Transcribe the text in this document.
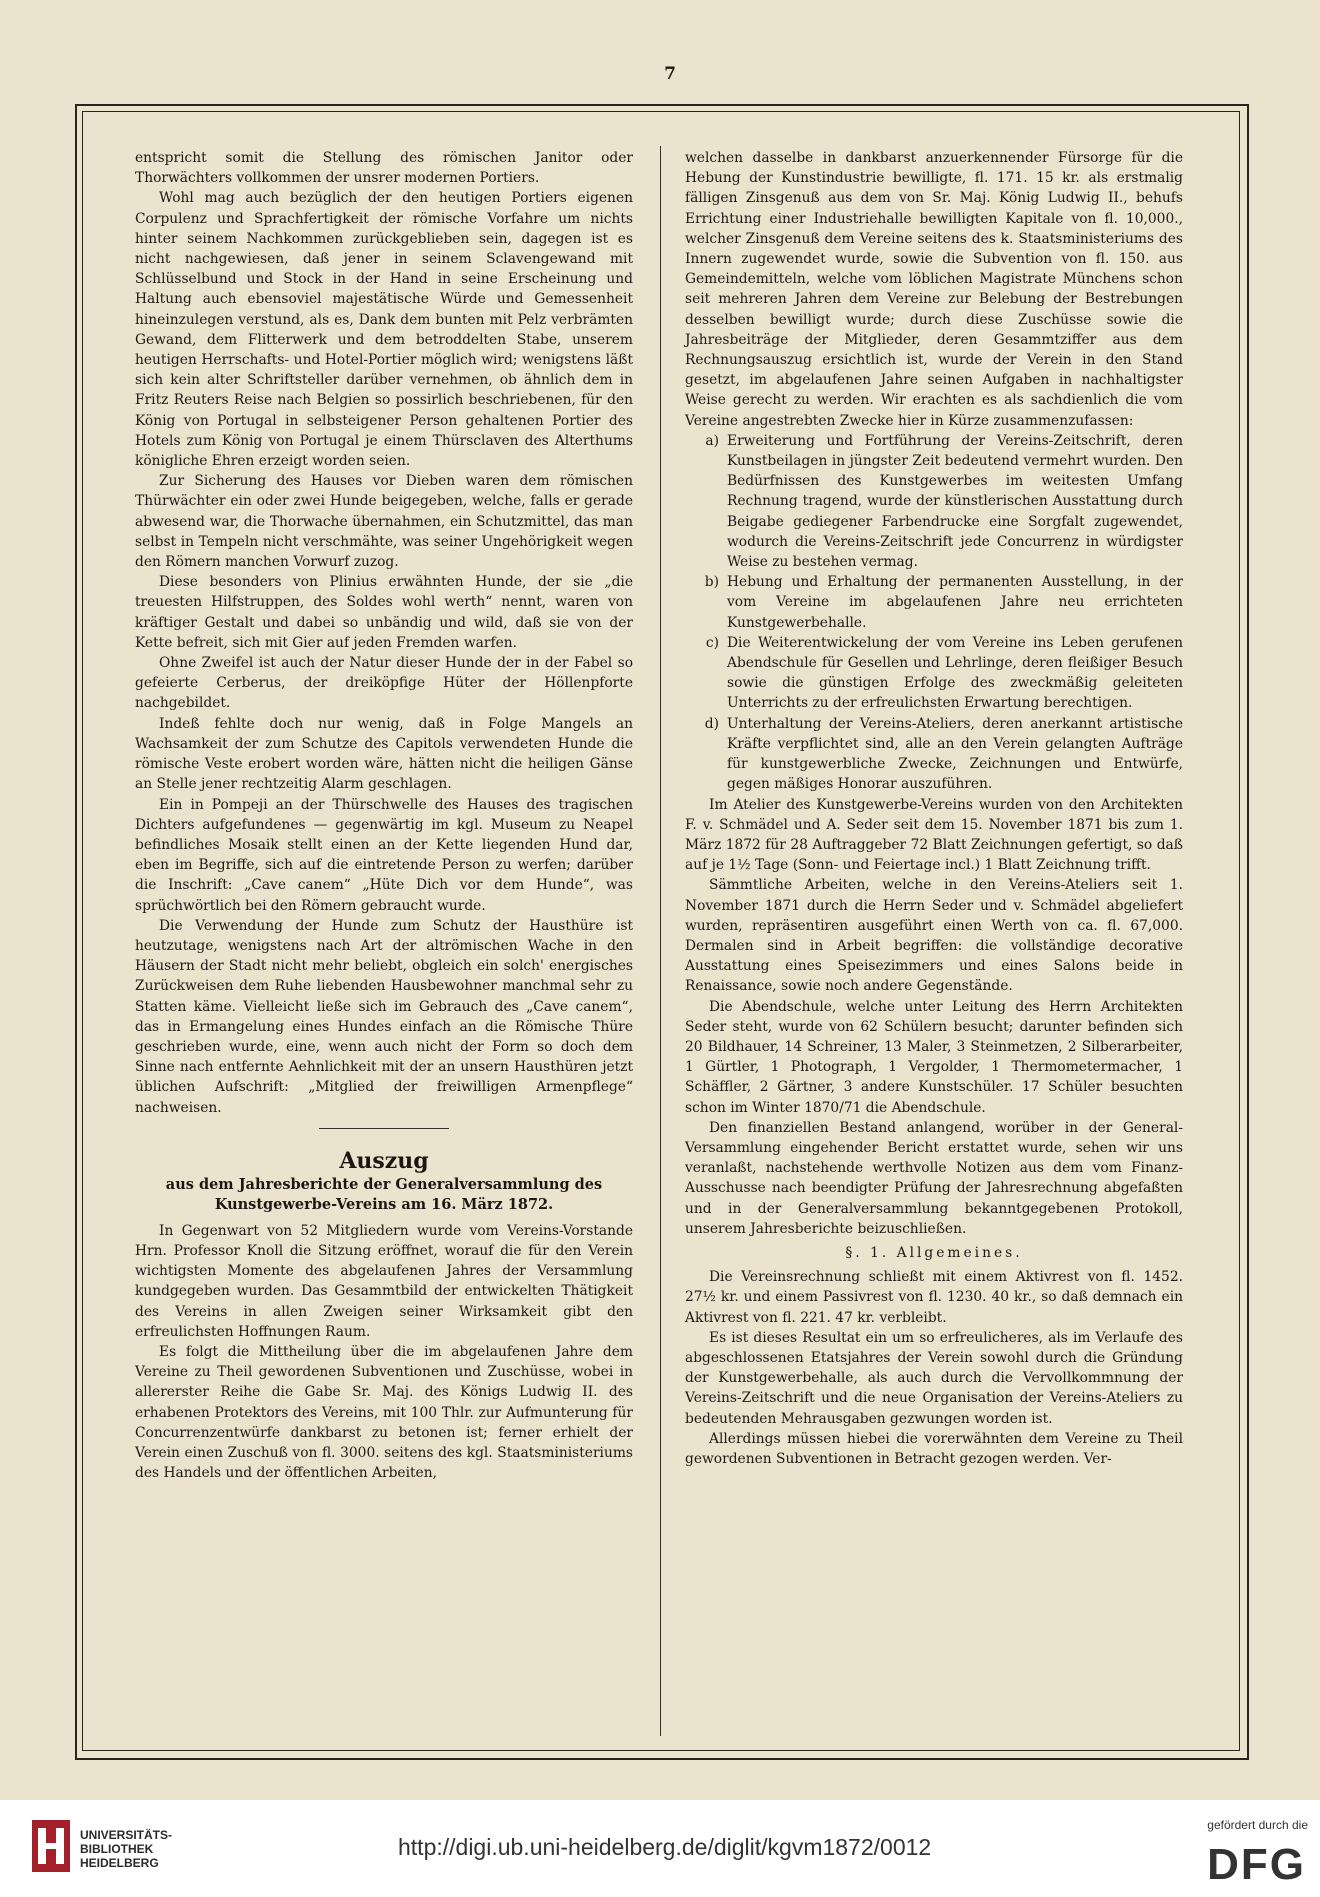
7

entspricht somit die Stellung des römischen Janitor oder Thorwächters vollkommen der unsrer modernen Portiers.

Wohl mag auch bezüglich der den heutigen Portiers eigenen Corpulenz und Sprachfertigkeit der römische Vorfahre um nichts hinter seinem Nachkommen zurückgeblieben sein, dagegen ist es nicht nachgewiesen, daß jener in seinem Sclavengewand mit Schlüsselbund und Stock in der Hand in seine Erscheinung und Haltung auch ebensoviel majestätische Würde und Gemessenheit hineinzulegen verstund, als es, Dank dem bunten mit Pelz verbrämten Gewand, dem Flitterwerk und dem betroddelten Stabe, unserem heutigen Herrschafts- und Hotel-Portier möglich wird; wenigstens läßt sich kein alter Schriftsteller darüber vernehmen, ob ähnlich dem in Fritz Reuters Reise nach Belgien so possirlich beschriebenen, für den König von Portugal in selbsteigener Person gehaltenen Portier des Hotels zum König von Portugal je einem Thürsclaven des Alterthums königliche Ehren erzeigt worden seien.

Zur Sicherung des Hauses vor Dieben waren dem römischen Thürwächter ein oder zwei Hunde beigegeben, welche, falls er gerade abwesend war, die Thorwache übernahmen, ein Schutzmittel, das man selbst in Tempeln nicht verschmähte, was seiner Ungehörigkeit wegen den Römern manchen Vorwurf zuzog.

Diese besonders von Plinius erwähnten Hunde, der sie „die treuesten Hilfstruppen, des Soldes wohl werth“ nennt, waren von kräftiger Gestalt und dabei so unbändig und wild, daß sie von der Kette befreit, sich mit Gier auf jeden Fremden warfen.

Ohne Zweifel ist auch der Natur dieser Hunde der in der Fabel so gefeierte Cerberus, der dreiköpfige Hüter der Höllenpforte nachgebildet.

Indeß fehlte doch nur wenig, daß in Folge Mangels an Wachsamkeit der zum Schutze des Capitols verwendeten Hunde die römische Veste erobert worden wäre, hätten nicht die heiligen Gänse an Stelle jener rechtzeitig Alarm geschlagen.

Ein in Pompeji an der Thürschwelle des Hauses des tragischen Dichters aufgefundenes — gegenwärtig im kgl. Museum zu Neapel befindliches Mosaik stellt einen an der Kette liegenden Hund dar, eben im Begriffe, sich auf die eintretende Person zu werfen; darüber die Inschrift: „Cave canem“ „Hüte Dich vor dem Hunde“, was sprüchwörtlich bei den Römern gebraucht wurde.

Die Verwendung der Hunde zum Schutz der Hausthüre ist heutzutage, wenigstens nach Art der altrömischen Wache in den Häusern der Stadt nicht mehr beliebt, obgleich ein solch' energisches Zurückweisen dem Ruhe liebenden Hausbewohner manchmal sehr zu Statten käme. Vielleicht ließe sich im Gebrauch des „Cave canem“, das in Ermangelung eines Hundes einfach an die Römische Thüre geschrieben wurde, eine, wenn auch nicht der Form so doch dem Sinne nach entfernte Aehnlichkeit mit der an unsern Hausthüren jetzt üblichen Aufschrift: „Mitglied der freiwilligen Armenpflege“ nachweisen.

Auszug
aus dem Jahresberichte der Generalversammlung des Kunstgewerbe-Vereins am 16. März 1872.

In Gegenwart von 52 Mitgliedern wurde vom Vereins-Vorstande Hrn. Professor Knoll die Sitzung eröffnet, worauf die für den Verein wichtigsten Momente des abgelaufenen Jahres der Versammlung kundgegeben wurden. Das Gesammtbild der entwickelten Thätigkeit des Vereins in allen Zweigen seiner Wirksamkeit gibt den erfreulichsten Hoffnungen Raum.

Es folgt die Mittheilung über die im abgelaufenen Jahre dem Vereine zu Theil gewordenen Subventionen und Zuschüsse, wobei in allererster Reihe die Gabe Sr. Maj. des Königs Ludwig II. des erhabenen Protektors des Vereins, mit 100 Thlr. zur Aufmunterung für Concurrenzentwürfe dankbarst zu betonen ist; ferner erhielt der Verein einen Zuschuß von fl. 3000. seitens des kgl. Staatsministeriums des Handels und der öffentlichen Arbeiten,

welchen dasselbe in dankbarst anzuerkennender Fürsorge für die Hebung der Kunstindustrie bewilligte, fl. 171. 15 kr. als erstmalig fälligen Zinsgenuß aus dem von Sr. Maj. König Ludwig II., behufs Errichtung einer Industriehalle bewilligten Kapitale von fl. 10,000., welcher Zinsgenuß dem Vereine seitens des k. Staatsministeriums des Innern zugewendet wurde, sowie die Subvention von fl. 150. aus Gemeindemitteln, welche vom löblichen Magistrate Münchens schon seit mehreren Jahren dem Vereine zur Belebung der Bestrebungen desselben bewilligt wurde; durch diese Zuschüsse sowie die Jahresbeiträge der Mitglieder, deren Gesammtziffer aus dem Rechnungsauszug ersichtlich ist, wurde der Verein in den Stand gesetzt, im abgelaufenen Jahre seinen Aufgaben in nachhaltigster Weise gerecht zu werden. Wir erachten es als sachdienlich die vom Vereine angestrebten Zwecke hier in Kürze zusammenzufassen:

a) Erweiterung und Fortführung der Vereins-Zeitschrift, deren Kunstbeilagen in jüngster Zeit bedeutend vermehrt wurden. Den Bedürfnissen des Kunstgewerbes im weitesten Umfang Rechnung tragend, wurde der künstlerischen Ausstattung durch Beigabe gediegener Farbendrucke eine Sorgfalt zugewendet, wodurch die Vereins-Zeitschrift jede Concurrenz in würdigster Weise zu bestehen vermag.
b) Hebung und Erhaltung der permanenten Ausstellung, in der vom Vereine im abgelaufenen Jahre neu errichteten Kunstgewerbehalle.
c) Die Weiterentwickelung der vom Vereine ins Leben gerufenen Abendschule für Gesellen und Lehrlinge, deren fleißiger Besuch sowie die günstigen Erfolge des zweckmäßig geleiteten Unterrichts zu der erfreulichsten Erwartung berechtigen.
d) Unterhaltung der Vereins-Ateliers, deren anerkannt artistische Kräfte verpflichtet sind, alle an den Verein gelangten Aufträge für kunstgewerbliche Zwecke, Zeichnungen und Entwürfe, gegen mäßiges Honorar auszuführen.

Im Atelier des Kunstgewerbe-Vereins wurden von den Architekten F. v. Schmädel und A. Seder seit dem 15. November 1871 bis zum 1. März 1872 für 28 Auftraggeber 72 Blatt Zeichnungen gefertigt, so daß auf je 1½ Tage (Sonn- und Feiertage incl.) 1 Blatt Zeichnung trifft.

Sämmtliche Arbeiten, welche in den Vereins-Ateliers seit 1. November 1871 durch die Herrn Seder und v. Schmädel abgeliefert wurden, repräsentiren ausgeführt einen Werth von ca. fl. 67,000. Dermalen sind in Arbeit begriffen: die vollständige decorative Ausstattung eines Speisezimmers und eines Salons beide in Renaissance, sowie noch andere Gegenstände.

Die Abendschule, welche unter Leitung des Herrn Architekten Seder steht, wurde von 62 Schülern besucht; darunter befinden sich 20 Bildhauer, 14 Schreiner, 13 Maler, 3 Steinmetzen, 2 Silberarbeiter, 1 Gürtler, 1 Photograph, 1 Vergolder, 1 Thermometermacher, 1 Schäffler, 2 Gärtner, 3 andere Kunstschüler. 17 Schüler besuchten schon im Winter 1870/71 die Abendschule.

Den finanziellen Bestand anlangend, worüber in der General-Versammlung eingehender Bericht erstattet wurde, sehen wir uns veranlaßt, nachstehende werthvolle Notizen aus dem vom Finanz-Ausschusse nach beendigter Prüfung der Jahresrechnung abgefaßten und in der Generalversammlung bekanntgegebenen Protokoll, unserem Jahresberichte beizuschließen.

§. 1. Allgemeines.

Die Vereinsrechnung schließt mit einem Aktivrest von fl. 1452. 27½ kr. und einem Passivrest von fl. 1230. 40 kr., so daß demnach ein Aktivrest von fl. 221. 47 kr. verbleibt.

Es ist dieses Resultat ein um so erfreulicheres, als im Verlaufe des abgeschlossenen Etatsjahres der Verein sowohl durch die Gründung der Kunstgewerbehalle, als auch durch die Vervollkommnung der Vereins-Zeitschrift und die neue Organisation der Vereins-Ateliers zu bedeutenden Mehrausgaben gezwungen worden ist.

Allerdings müssen hiebei die vorerwähnten dem Vereine zu Theil gewordenen Subventionen in Betracht gezogen werden. Ver-

UNIVERSITÄTS-
BIBLIOTHEK
HEIDELBERG
http://digi.ub.uni-heidelberg.de/diglit/kgvm1872/0012
gefördert durch die
DFG
